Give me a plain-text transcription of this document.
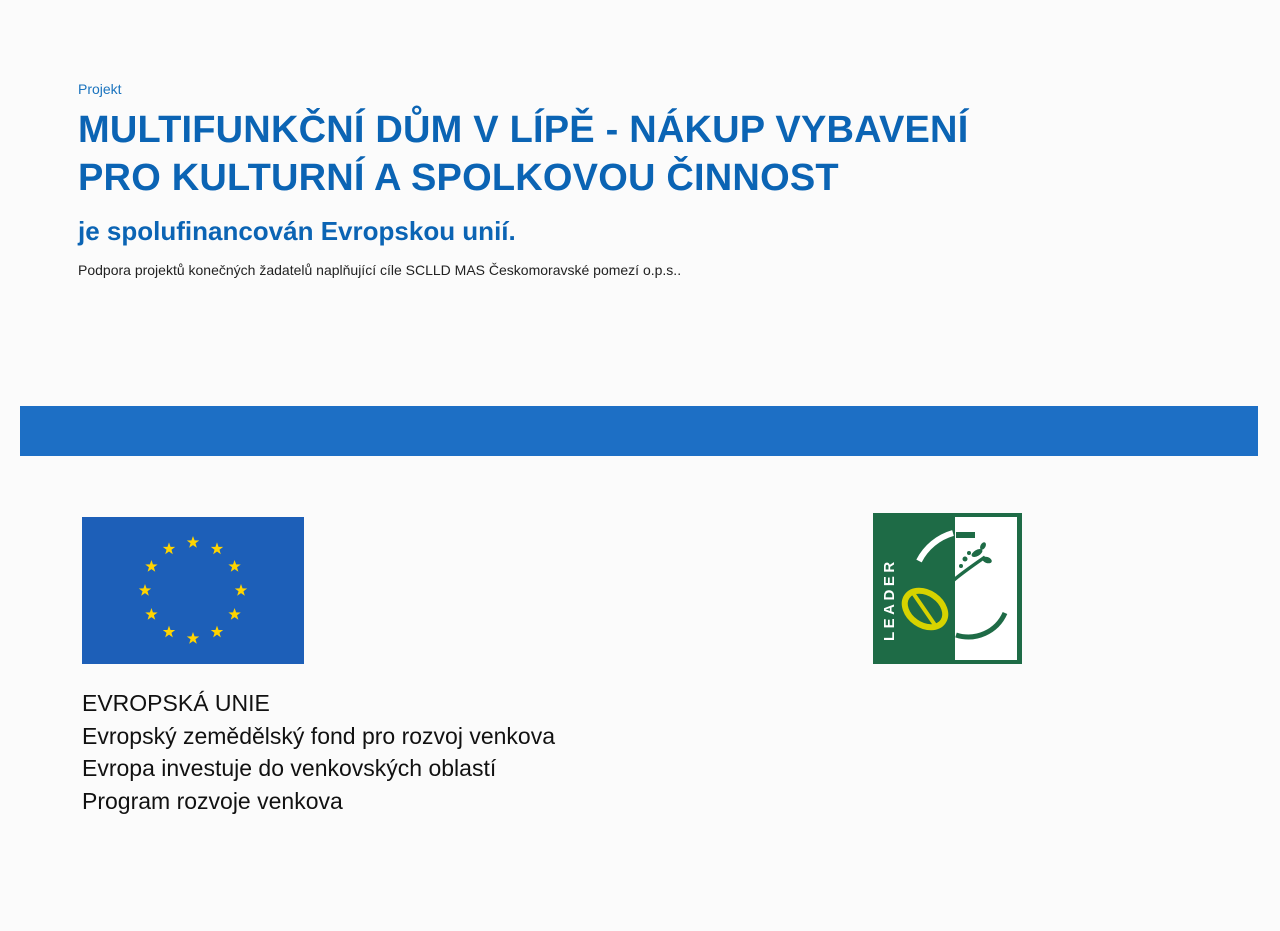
Projekt
MULTIFUNKČNÍ DŮM V LÍPĚ - NÁKUP VYBAVENÍ
PRO KULTURNÍ A SPOLKOVOU ČINNOST
je spolufinancován Evropskou unií.
Podpora projektů konečných žadatelů naplňující cíle SCLLD MAS Českomoravské pomezí o.p.s..
LEADER
EVROPSKÁ UNIE
Evropský zemědělský fond pro rozvoj venkova
Evropa investuje do venkovských oblastí
Program rozvoje venkova
